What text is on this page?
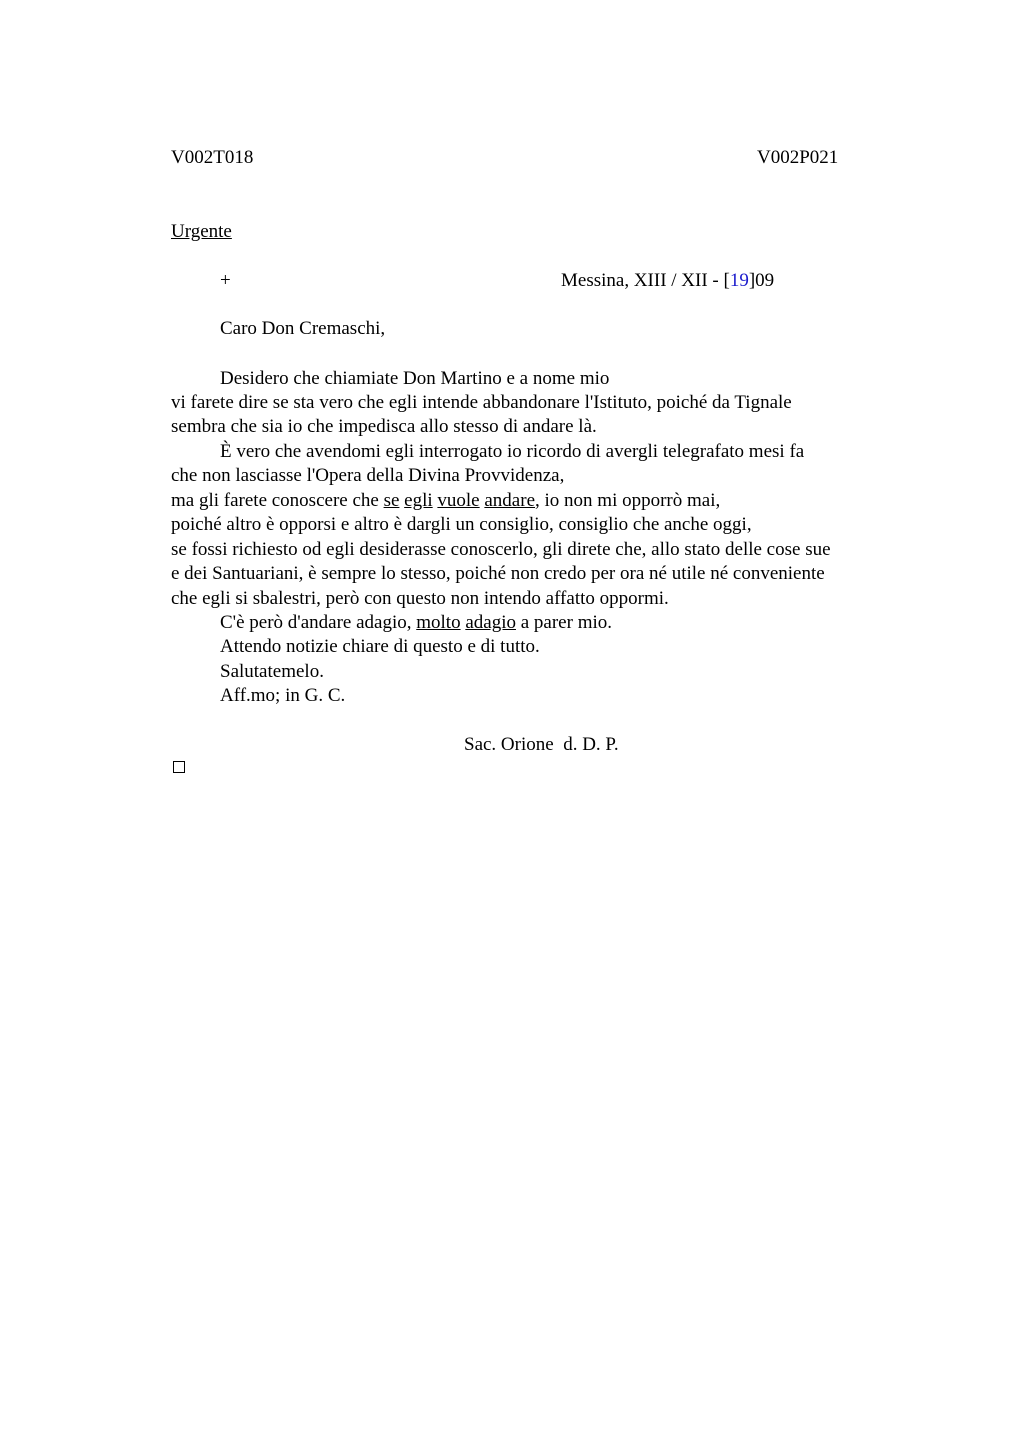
V002T018	V002P021
Urgente
+	Messina, XIII / XII - [19]09
Caro Don Cremaschi,
Desidero che chiamiate Don Martino e a nome mio
vi farete dire se sta vero che egli intende abbandonare l'Istituto, poiché da Tignale
sembra che sia io che impedisca allo stesso di andare là.
È vero che avendomi egli interrogato io ricordo di avergli telegrafato mesi fa
che non lasciasse l'Opera della Divina Provvidenza,
ma gli farete conoscere che se egli vuole andare, io non mi opporrò mai,
poiché altro è opporsi e altro è dargli un consiglio, consiglio che anche oggi,
se fossi richiesto od egli desiderasse conoscerlo, gli direte che, allo stato delle cose sue
e dei Santuariani, è sempre lo stesso, poiché non credo per ora né utile né conveniente
che egli si sbalestri, però con questo non intendo affatto oppormi.
C'è però d'andare adagio, molto adagio a parer mio.
Attendo notizie chiare di questo e di tutto.
Salutatemelo.
Aff.mo; in G. C.
Sac. Orione  d. D. P.
